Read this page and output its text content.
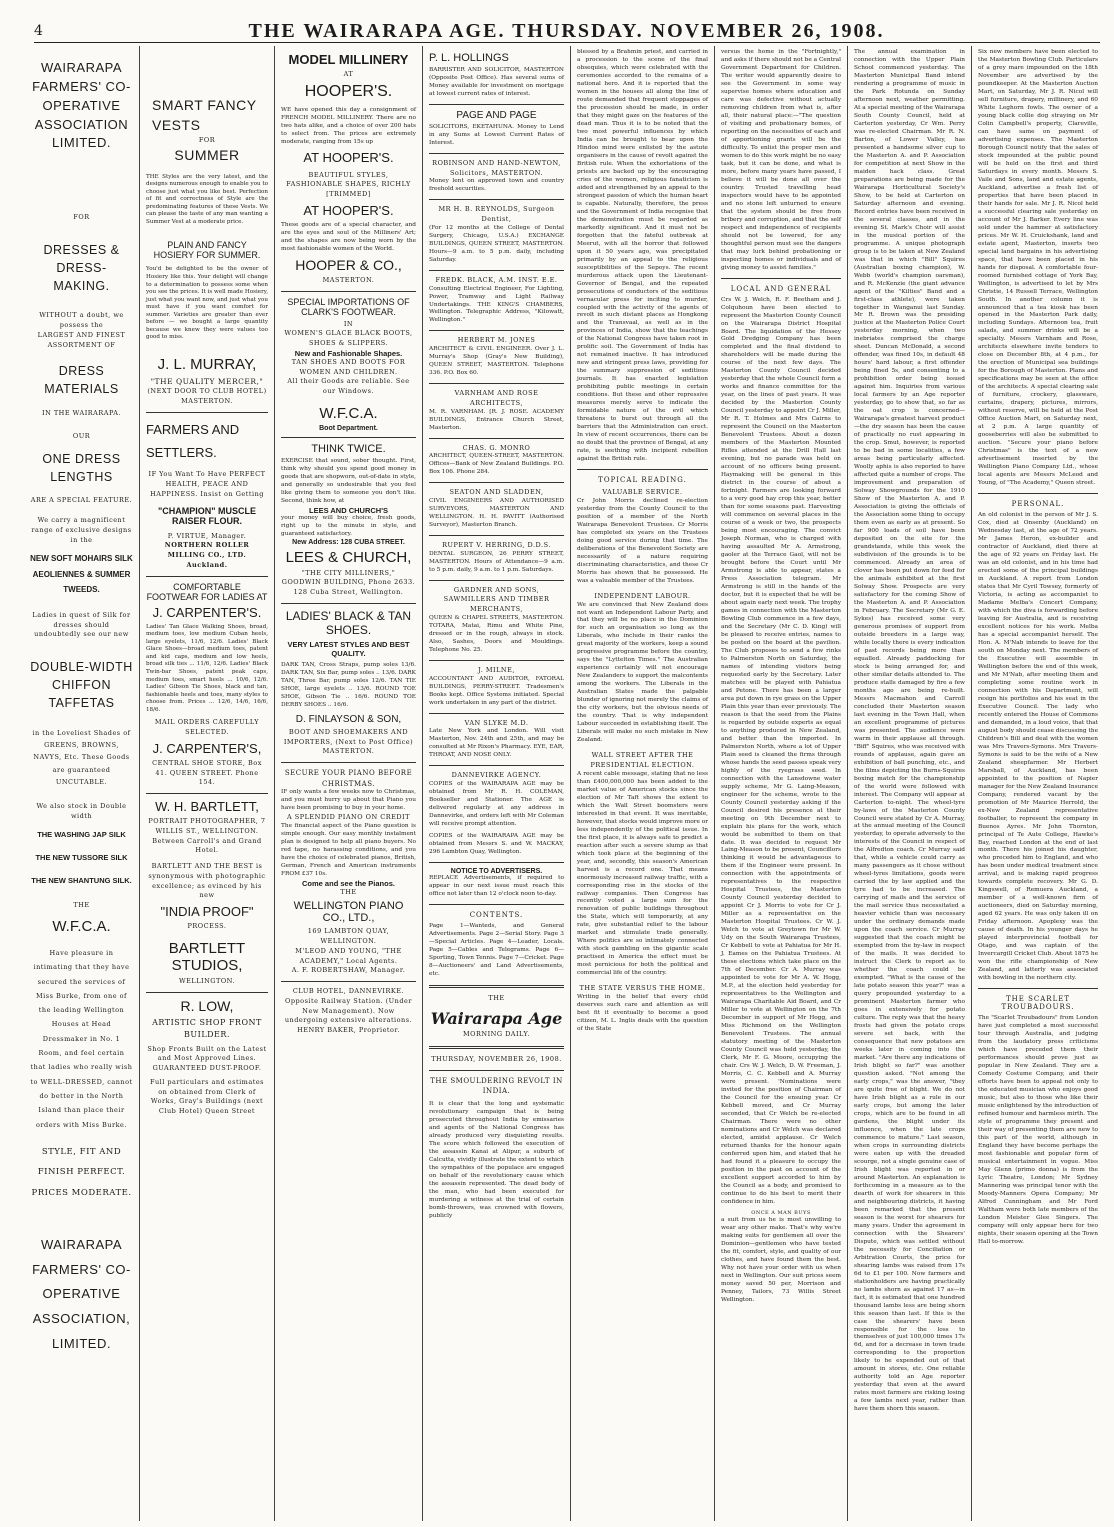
4	THE WAIRARAPA AGE. THURSDAY. NOVEMBER 26, 1908.
WAIRARAPA FARMERS' CO-OPERATIVE ASSOCIATION LIMITED.
FOR
DRESSES & DRESS-MAKING.
WITHOUT a doubt, we possess the
LARGEST AND FINEST ASSORTMENT OF
DRESS MATERIALS
IN THE WAIRARAPA.
OUR
ONE DRESS LENGTHS
ARE A SPECIAL FEATURE.
We carry a magnificent range of exclusive designs in the
NEW SOFT MOHAIRS SILK AEOLIENNES & SUMMER TWEEDS.
Ladies in quest of Silk for dresses should undoubtedly see our new
DOUBLE-WIDTH CHIFFON TAFFETAS
in the Loveliest Shades of GREENS, BROWNS, NAVYS, Etc. These Goods are guaranteed UNCUTABLE.
We also stock in Double width
THE WASHING JAP SILK
THE NEW TUSSORE SILK
THE NEW SHANTUNG SILK.
THE
W.F.C.A.
Have pleasure in intimating that they have secured the services of Miss Burke, from one of the leading Wellington Houses at Head Dressmaker in No. 1 Room, and feel certain that ladies who really wish to WELL-DRESSED, cannot do better in the North Island than place their orders with Miss Burke.
STYLE, FIT AND FINISH PERFECT. PRICES MODERATE.
WAIRARAPA FARMERS' CO-OPERATIVE ASSOCIATION, LIMITED.
SMART FANCY VESTS
FOR
SUMMER
THE Styles are the very latest, and the designs numerous enough to enable you to choose just what you like best. Perfection of fit and correctness of Style are the predominating features of these Vests. We can please the taste of any man wanting a Summer Vest at a moderate price.
PLAIN AND FANCY HOSIERY FOR SUMMER.
You'd be delighted to be the owner of Hosiery like this. Your delight will change to a determination to possess some when you see the prices. It is well made Hosiery, just what you want now, and just what you must have if you want comfort for summer. Varieties are greater than ever before — we bought a large quantity because we knew they were values too good to miss.
J. L. MURRAY,
"THE QUALITY MERCER,"
(NEXT DOOR TO CLUB HOTEL)
MASTERTON.
FARMERS AND SETTLERS.
IF You Want To Have PERFECT HEALTH, PEACE AND HAPPINESS. Insist on Getting
"CHAMPION" MUSCLE RAISER FLOUR.
P. VIRTUE, Manager.
NORTHERN ROLLER MILLING CO., LTD. Auckland.
COMFORTABLE FOOTWEAR FOR LADIES AT
J. CARPENTER'S.
Ladies' Tan Glace Walking Shoes, broad, medium toes, low medium Cuban heels, large eyelets, 11/6, 12/6. Ladies' Black Glace Shoes—broad medium toes, patent and kid caps, medium and low heels, broad silk ties ... 11/6, 12/6. Ladies' Black Twin-bar Shoes, patent peak caps, medium toes, smart heels ... 10/6, 12/6. Ladies' Gibson Tie Shoes, black and tan, fashionable heels and toes, many styles to choose from. Prices ... 12/6, 14/6, 16/6, 18/6.
MAIL ORDERS CAREFULLY SELECTED.
J. CARPENTER'S,
CENTRAL SHOE STORE, Box 41. QUEEN STREET. Phone 154.
W. H. BARTLETT,
PORTRAIT PHOTOGRAPHER, 7 WILLIS ST., WELLINGTON. Between Carroll's and Grand Hotel.
BARTLETT AND THE BEST is synonymous with photographic excellence; as evinced by his new
"INDIA PROOF"
PROCESS.
BARTLETT STUDIOS,
WELLINGTON.
R. LOW,
ARTISTIC SHOP FRONT BUILDER.
Shop Fronts Built on the Latest and Most Approved Lines. GUARANTEED DUST-PROOF.
Full particulars and estimates on obtained from Clerk of Works, Gray's Buildings (next Club Hotel) Queen Street
MODEL MILLINERY
AT
HOOPER'S.
WE have opened this day a consignment of FRENCH MODEL MILLINERY. There are no two hats alike, and a choice of over 200 hats to select from. The prices are extremely moderate, ranging from 15s up
AT HOOPER'S.
BEAUTIFUL STYLES, FASHIONABLE SHAPES, RICHLY [TRIMMED]
AT HOOPER'S.
These goods are of a special character, and are the eyes and soul of the Milliners' Art; and the shapes are now being worn by the most fashionable women of the World.
HOOPER & CO.,
MASTERTON.
SPECIAL IMPORTATIONS OF CLARK'S FOOTWEAR.
IN
WOMEN'S GLACE BLACK BOOTS, SHOES & SLIPPERS.
New and Fashionable Shapes.
TAN SHOES AND BOOTS FOR WOMEN AND CHILDREN.
All their Goods are reliable. See our Windows.
W.F.C.A.
Boot Department.
THINK TWICE.
EXERCISE that sound, sober thought. First, think why should you spend good money in goods that are shopworn, out-of-date in style, and generally so undesirable that you feel like giving them to someone you don't like. Second, think how, at
LEES AND CHURCH'S
your money will buy choice, fresh goods, right up to the minute in style, and guaranteed satisfactory.
New Address: 128 CUBA STREET.
LEES & CHURCH,
"THE CITY MILLINERS,"
GOODWIN BUILDING, Phone 2633. 128 Cuba Street, Wellington.
LADIES' BLACK & TAN SHOES.
VERY LATEST STYLES AND BEST QUALITY.
DARK TAN, Cross Straps, pump soles 13/6. DARK TAN, Six Bar, pump soles .. 13/6. DARK TAN, Three Bar, pump soles 12/6. TAN TIE SHOE, large eyelets .. 13/6. ROUND TOE SHOE, Gibson Tie .. 16/6. ROUND TOE DERBY SHOES .. 16/6.
D. FINLAYSON & SON,
BOOT AND SHOEMAKERS AND IMPORTERS, (Next to Post Office) MASTERTON.
SECURE YOUR PIANO BEFORE CHRISTMAS.
IF only wants a few weeks now to Christmas, and you must hurry up about that Piano you have been promising to buy in your home.
A SPLENDID PIANO ON CREDIT
The financial aspect of the Piano question is simple enough. Our easy monthly instalment plan is designed to help all piano buyers. No red tape, no harassing conditions, and you have the choice of celebrated pianos, British, German, French and American instruments FROM £37 10s.
Come and see the Pianos.
THE
WELLINGTON PIANO CO., LTD.,
169 LAMBTON QUAY, WELLINGTON.
M'LEOD AND YOUNG, "THE ACADEMY," Local Agents.
A. F. ROBERTSHAW, Manager.
CLUB HOTEL, DANNEVIRKE. Opposite Railway Station. (Under New Management). Now undergoing extensive alterations. HENRY BAKER, Proprietor.
P. L. HOLLINGS
BARRISTER AND SOLICITOR, MASTERTON (Opposite Post Office). Has several sums of Money available for investment on mortgage at lowest current rates of interest.
PAGE AND PAGE
SOLICITORS, EKETAHUNA. Money to Lend in any Sums at Lowest Current Rates of Interest.
ROBINSON AND HAND-NEWTON, Solicitors, MASTERTON.
Money lent on approved town and country freehold securities.
MR H. B. REYNOLDS, Surgeon Dentist,
(For 12 months at the College of Dental Surgery, Chicago, U.S.A.) EXCHANGE BUILDINGS, QUEEN STREET, MASTERTON. Hours—9 a.m. to 5 p.m. daily, including Saturday.
FREDK. BLACK, A.M. INST. E.E.
Consulting Electrical Engineer, For Lighting, Power, Tramway and Light Railway Undertakings. THE KING'S CHAMBERS, Wellington. Telegraphic Address, "Kilowatt, Wellington."
HERBERT M. JONES
ARCHITECT & CIVIL ENGINEER. Over J. L. Murray's Shop (Gray's New Building), QUEEN STREET, MASTERTON. Telephone 336. P.O. Box 60.
VARNHAM AND ROSE ARCHITECTS,
M. R. VARNHAM. [R. J. ROSE. ACADEMY BUILDINGS, Entrance Church Street, Masterton.
CHAS. G. MONRO
ARCHITECT, QUEEN-STREET, MASTERTON. Offices—Bank of New Zealand Buildings. P.O. Box 106. Phone 284.
SEATON AND SLADDEN,
CIVIL ENGINEERS AND AUTHORISED SURVEYORS, MASTERTON AND WELLINGTON. H. H. PAVITT (Authorised Surveyor), Masterton Branch.
RUPERT V. HERRING, D.D.S.
DENTAL SURGEON, 26 PERRY STREET, MASTERTON. Hours of Attendance—9 a.m. to 5 p.m. daily, 9 a.m. to 1 p.m. Saturdays.
GARDNER AND SONS, SAWMILLERS AND TIMBER MERCHANTS,
QUEEN & CHAPEL STREETS, MASTERTON. TOTARA, Matai, Rimu and White Pine, dressed or in the rough, always in stock. Also, Sashes, Doors and Mouldings. Telephone No. 25.
J. MILNE,
ACCOUNTANT AND AUDITOR, FATORAL BUILDINGS, PERRY-STREET. Tradesmen's Books kept. Office Systems initiated. Special work undertaken in any part of the district.
VAN SLYKE M.D.
Late New York and London. Will visit Masterton, Nov. 24th and 25th, and may be consulted at Mr Rixon's Pharmacy. EYE, EAR, THROAT, AND NOSE ONLY.
DANNEVIRKE AGENCY.
COPIES of the WAIRARAPA AGE may be obtained from Mr R. H. COLEMAN, Bookseller and Stationer. The AGE is delivered regularly at any address in Dannevirke, and orders left with Mr Coleman will receive prompt attention.
COPIES of the WAIRARAPA AGE may be obtained from Messrs S. and W. MACKAY, 296 Lambton Quay, Wellington.
NOTICE TO ADVERTISERS.
REPLACE Advertisements, if required to appear in our next issue must reach this office not later than 12 o'clock noon to-day.
CONTENTS.
Page 1—Wanteds, and General Advertisements. Page 2—Serial Story. Page 3—Special Articles. Page 4—Leader, Locals. Page 5—Cables and Telegrams. Page 6—Sporting, Town Tennis. Page 7—Cricket. Page 8—Auctioneers' and Land Advertisements, etc.
THE
Wairarapa Age
MORNING DAILY.
THURSDAY, NOVEMBER 26, 1908.
THE SMOULDERING REVOLT IN INDIA.
It is clear that the long and systematic revolutionary campaign that is being prosecuted throughout India by emissaries and agents of the National Congress has already produced very disquieting results. The score which followed the execution of the assassin Kanai at Alipur, a suburb of Calcutta, vividly illustrate the extent to which the sympathies of the populace are engaged on behalf of the revolutionary cause which the assassin represented. The dead body of the man, who had been executed for murdering a witness at the trial of certain bomb-throwers, was crowned with flowers, publicly
blessed by a Brahmin priest, and carried in a procession to the scene of the final obsequies, which were celebrated with the ceremonies accorded to the remains of a national hero. And it is reported that the women in the houses all along the line of route demanded that frequent stoppages of the procession should be made, in order that they might gaze on the features of the dead man. Thus it is to be noted that the two most powerful influences by which India can be brought to bear upon the Hindoo mind were enlisted by the astute organisers in the cause of revolt against the British rule. When the exhortations of the priests are backed up by the encouraging cries of the women, religious fanaticism is aided and strengthened by an appeal to the strongest passion of which the human heart is capable. Naturally, therefore, the press and the Government of India recognise that the demonstration must be regarded as markedly significant. And it must not be forgotten that the fateful outbreak at Meerut, with all the horror that followed upon it 50 years ago, was precipitated primarily by an appeal to the religious susceptibilities of the Sepoys. The recent murderous attack upon the Lieutenant-Governor of Bengal, and the repeated prosecutions of conductors of the seditious vernacular press for inciting to murder, coupled with the activity of the agents of revolt in such distant places as Hongkong and the Transvaal, as well as in the provinces of India, show that the teachings of the National Congress have taken root in prolific soil. The Government of India has not remained inactive. It has introduced new and stringent press laws, providing for the summary suppression of seditious journals. It has enacted legislation prohibiting public meetings in certain conditions. But these and other repressive measures merely serve to indicate the formidable nature of the evil which threatens to burst out through all the barriers that the Administration can erect. In view of recent occurrences, there can be no doubt that the province of Bengal, at any rate, is seething with incipient rebellion against the British rule.
TOPICAL READING.
VALUABLE SERVICE.
Cr John Morris declined re-election yesterday from the County Council to the position of a member of the North Wairarapa Benevolent Trustees. Cr Morris has completed six years on the Trustees doing good service during that time. The deliberations of the Benevolent Society are necessarily of a nature requiring discriminating characteristics, and these Cr Morris has shown that he possessed. He was a valuable member of the Trustees.
INDEPENDENT LABOUR.
We are convinced that New Zealand does not want an Independent Labour Party, and that they will be no place in the Dominion for such an organisation so long as the Liberals, who include in their ranks the great majority of the workers, keep a sound progressive programme before the country, says the "Lyttelton Times." The Australian experience certainly will not encourage New Zealanders to support the malcontents among the workers. The Liberals in the Australian States made the palpable blunder of ignoring not merely the claims of the city workers, but the obvious needs of the country. That is why independent Labour succeeded in establishing itself. The Liberals will make no such mistake in New Zealand.
WALL STREET AFTER THE PRESIDENTIAL ELECTION.
A recent cable message, stating that no less than £400,000,000 has been added to the market value of American stocks since the election of Mr Taft shows the extent to which the Wall Street boomsters were interested in that event. It was inevitable, however, that stocks would improve more or less independently of the political issue. In the first place, it is always safe to predict a reaction after such a severe slump as that which took place at the beginning of the year, and, secondly, this season's American harvest is a record one. That means enormously increased railway traffic, with a corresponding rise in the stocks of the railway companies. Then Congress has recently voted a large sum for the renovation of public buildings throughout the State, which will temporarily, at any rate, give substantial relief to the labour market and stimulate trade generally. Where politics are so intimately connected with stock gambling on the gigantic scale practised in America the effect must be most pernicious for both the political and commercial life of the country.
THE STATE VERSUS THE HOME.
Writing in the belief that every child deserves such care and attention as will best fit it eventually to become a good citizen, M. L. Inglis deals with the question of the State
versus the home in the "Fortnightly," and asks if there should not be a Central Government Department for Children. The writer would apparently desire to see the Government in some way supervise homes where education and care was defective without actually removing children from what is, after all, their natural place:—"The question of visiting and probationary homes, of reporting on the necessities of each and of apportioning grants will be the difficulty. To enlist the proper men and women to do this work might be no easy task, but it can be done, and what is more, before many years have passed, I believe it will be done all over the country. Trusted travelling head inspectors would have to be appointed and no stone left unturned to ensure that the system should be free from bribery and corruption, and that the self respect and independence of recipients should not be lowered, for any thoughtful person must see the dangers that may lurk behind probationing or inspecting homes or individuals and of giving money to assist families."
LOCAL AND GENERAL
Crs W. J. Welch, R. F. Beetham and J. Colquhoun have been elected to represent the Masterton County Council on the Wairarapa District Hospital Board. The liquidation of the Hessey Gold Dredging Company has been completed and the final dividend to shareholders will be made during the course of the next few days. The Masterton County Council decided yesterday that the whole Council form a works and finance committee for the year, on the lines of past years. It was decided by the Masterton County Council yesterday to appoint Cr J. Miller, Mr R. T. Holmes and Mrs Cairns to represent the Council on the Masterton Benevolent Trustees. About a dozen members of the Masterton Mounted Rifles attended at the Drill Hall last evening, but no parade was held on account of no officers being present. Haymaking will be general in this district in the course of about a fortnight. Farmers are looking forward to a very good hay crop this year, better than for some seasons past. Harvesting will commence on several places in the course of a week or two, the prospects being most encouraging. The convict Joseph Norman, who is charged with having assaulted Mr A. Armstrong, gaoler at the Terrace Gaol, will not be brought before the Court until Mr Armstrong is able to appear, states a Press Association telegram. Mr Armstrong is still in the hands of the doctor, but it is expected that he will be about again early next week. The trophy games in connection with the Masterton Bowling Club commence in a few days, and the Secretary (Mr C. D. King) will be pleased to receive entries, names to be posted on the board at the pavilion. The Club proposes to send a few rinks to Palmerston North on Saturday, the names of intending visitors being requested early by the Secretary. Later matches will be played with Pahiatua and Petone. There has been a larger area put down in rye grass on the Upper Plain this year than ever previously. The reason is that the seed from the Plains is regarded by outside experts as equal to anything produced in New Zealand, and better than the imported. In Palmerston North, where a lot of Upper Plain seed is cleaned the firms through whose hands the seed passes speak very highly of the ryegrass seed. In connection with the Lansdowne water supply scheme, Mr G. Laing-Meason, engineer for the scheme, wrote to the County Council yesterday asking if the Council desired his presence at their meeting on 9th December next to explain his plans for the work, which would be submitted to them on that date. It was decided to request Mr Laing-Meason to be present, Councillors thinking it would be advantageous to them if the Engineer were present. In connection with the appointments of representatives to the respective Hospital Trustees, the Masterton County Council yesterday decided to appoint Cr J. Morris to vote for Cr J. Miller as a representative on the Masterton Hospital Trustees. Cr W. J. Welch to vote at Greytown for Mr W. Udy on the South Wairarapa Trustees, Cr Kebbell to vote at Pahiatua for Mr H. J. Eames on the Pahiatua Trustees. At these elections which take place on the 7th of December. Cr A. Murray was appointed to vote for Mr A. W. Hogg, M.P., at the election held yesterday for representatives to the Wellington and Wairarapa Charitable Aid Board, and Cr Miller to vote at Wellington on the 7th December in support of Mr Hogg, and Miss Richmond on the Wellington Benevolent Trustees. The annual statutory meeting of the Masterton County Council was held yesterday, the Clerk, Mr F. G. Moore, occupying the chair. Crs W. J. Welch, D. W. Freeman, J. Morris, C. C. Kebbell and A. Murray were present. 'Nominations were invited for the position of Chairman of the Council for the ensuing year. Cr Kebbell moved, and Cr Murray seconded, that Cr Welch be re-elected Chairman. There were no other nominations and Cr Welch was declared elected, amidst applause. Cr Welch returned thanks for the honour again conferred upon him, and stated that he had found it a pleasure to occupy the position in the past on account of the excellent support accorded to him by the Council as a body, and promised to continue to do his best to merit their confidence in him.
ONCE A MAN BUYS
a suit from us he is most unwilling to wear any other make. That's why we're making suits for gentlemen all over the Dominion—gentlemen who have tested the fit, comfort, style, and quality of our clothes, and have found them the best. Why not have your order with us when next in Wellington. Our suit prices seem money saved 50 per, Morrison and Penney, Tailors, 73 Willis Street Wellington.
The annual examination in connection with the Upper Plain School commenced yesterday. The Masterton Municipal Band intend rendering a programme of music in the Park Rotunda on Sunday afternoon next, weather permitting. At a special meeting of the Wairarapa South County Council, held at Carterton yesterday, Cr Wm. Perry was re-elected Chairman. Mr R. N. Barton, of Lower Valley, has presented a handsome silver cup to the Masterton A. and P. Association for competition at next Show in the maiden hack class. Great preparations are being made for the Wairarapa Horticultural Society's Show, to be held at Carterton on Saturday afternoon and evening. Record entries have been received in the several classes, and in the evening St. Mark's Choir will assist in the musical portion of the programme. A unique photograph group is to be taken at New Zealand was that in which "Bill" Squires (Australian boxing champion), W. Webb (world's champion oarsman), and R. McKenzie (the giant advance agent of the "Kilties" Band and a first-class athlete), were taken together in Wanganui last Sunday. Mr R. Brown was the presiding justice at the Masterton Police Court yesterday morning, when two inebriates comprised the charge sheet. Duncan McDonald, a second offender, was fined 10s, in default 48 hours' hard labour, a first offender being fined 5s, and consenting to a prohibition order being issued against him. Inquiries from various local farmers by an Age reporter yesterday, go to show that, so far as the oat crop is concerned—Wairarapa's greatest harvest product—the dry season has been the cause of practically no rust appearing in the crop. Smut, however, is reported to be bad in some localities, a few areas being particularly affected. Woolly aphis is also reported to have affected quite a number of crops. The improvement and preparation of Solway Showgrounds for the 1910 Show of the Masterton A. and P. Association is giving the officials of the Association some thing to occupy them even as early as at present. So far 900 loads of soil have been deposited on the site for the grandstands, while this week the subdivision of the grounds is to be commenced. Already an area of clover has been put down for feed for the animals exhibited at the first Solway Show. Prospects are very satisfactory for the coming Show of the Masterton A. and P. Association in February. The Secretary (Mr G. E. Sykes) has received some very generous promises of support from outside breeders in a large way, while locally there is every indication of past records being more than equalled. Already paddocking for stock is being arranged for, and other similar details attended to. The produce stalls damaged by fire a few months ago are being re-built. Messrs Macmahon and Carroll concluded their Masterton season last evening in the Town Hall, when an excellent programme of pictures was presented. The audience were warm in their applause all through. "Biff" Squires, who was received with rounds of applause, again gave an exhibition of ball punching, etc., and the films depicting the Burns-Squires boxing match for the championship of the world were followed with interest. The Company will appear at Carterton to-night. The wheel-tyre by-laws of the Masterton County Council were stated by Cr A. Murray, at the annual meeting of the Council yesterday, to operate adversely to the interests of the Council in respect of the Alfredton coach. Cr Murray said that, while a vehicle could carry as many passengers as it chose without wheel-tyres limitations, goods were carried the by law applied and the tyre had to be increased. The carrying of mails and the service of the mail service thus necessitated a heavier vehicle than was necessary under the ordinary demands made upon the coach service. Cr Murray suggested that the coach might be exempted from the by-law in respect of the mails. It was decided to instruct the Clerk to report as to whether the coach could be exempted. "What is the cause of the late potato season this year?" was a query propounded yesterday to a prominent Masterton farmer who goes in extensively for potato culture. The reply was that the heavy frosts had given the potato crops severe set back, with the consequence that new potatoes are weeks later in coming into the market. "Are there any indications of Irish blight so far?" was another question asked. "Not among the early crops," was the answer, "they are quite free of blight. We do not have Irish blight as a rule in our early crops, but among the later crops, which are to be found in all gardens, the blight under its influence, when the late crops commence to mature." Last season, when crops in surrounding districts were eaten up with the dreaded scourge, not a single genuine case of Irish blight was reported in or around Masterton. An explanation is forthcoming in a measure as to the dearth of work for shearers in this and neighbouring districts, it having been remarked that the present season is the worst for shearers for many years. Under the agreement in connection with the Shearers' Dispute, which was settled without the necessity for Conciliation or Arbitration Courts, the price for shearing lambs was raised from 17s 6d to £1 per 100. Now farmers and stationholders are having practically no lambs shorn as against 17 as—in fact, it is estimated that one hundred thousand lambs less are being shorn this season than last. If this is the case the shearers' have been responsible for the loss to themselves of just 100,000 times 17s 6d, and for a decrease in town trade corresponding to the proportion likely to be expended out of that amount in stores, etc. One reliable authority told an Age reporter yesterday that even at the award rates most farmers are risking losing a few lambs next year, rather than have them shorn this season.
Six new members have been elected to the Masterton Bowling Club. Particulars of a grey mare impounded on the 18th November are advertised by the poundkeeper. At the Masterton Auction Mart, on Saturday, Mr J. R. Nicol will sell furniture, drapery, millinery, and 60 White Leghorn fowls. The owner of a young black collie dog straying on Mr Colin Campbell's property, Clareville, can have same on payment of advertising expenses. The Masterton Borough Council notify that the sales of stock impounded at the public pound will be held on the first and third Saturdays in every month. Messrs S. Vaile and Sons, land and estate agents, Auckland, advertise a fresh list of properties that have been placed in their hands for sale. Mr J. R. Nicol held a successful clearing sale yesterday on account of Mr J. Barker. Every line was sold under the hammer at satisfactory prices. Mr W. H. Cruickshank, land and estate agent, Masterton, inserts two special land bargains in his advertising space, that have been placed in his hands for disposal. A comfortable four-roomed furnished cottage of York Bay, Wellington, is advertised to let by Mrs Christie, 14 Russell Terrace, Wellington South. In another column it is announced that a tea kiosk has been opened in the Masterton Park daily, including Sundays. Afternoon tea, fruit salads, and summer drinks will be a specialty. Messrs Varnham and Rose, architects elsewhere invite tenders to close on December 8th, at 4 p.m., for the erection of Municipal sea buildings for the Borough of Masterton. Plans and specifications may be seen at the office of the architects. A special clearing sale of furniture, crockery, glassware, curtains, drapery, pictures, mirrors, without reserve, will be held at the Post Office Auction Mart, on Saturday next, at 2 p.m. A large quantity of gooseberries will also be submitted to auction. "Secure your piano before Christmas" is the text of a new advertisement inserted by the Wellington Piano Company Ltd., whose local agents are Messrs McLeod and Young, of "The Academy," Queen street.
PERSONAL.
An old colonist in the person of Mr J. S. Cox, died at Onsenby (Auckland) on Wednesday last, at the age of 72 years. Mr James Heron, ex-builder and contractor of Auckland, died there at the age of 92 years on Friday last. He was an old colonist, and in his time had erected some of the principal buildings in Auckland. A report from London states that Mr Cyril Towsey, formerly of Victoria, is acting as accompanist to Madame Melba's Concert Company, with which the diva is forwarding before leaving for Australia, and is receiving excellent notices for his work. Melba has a special accompanist herself. The Hon. A. M'Nab intends to leave for the south on Monday next. The members of the Executive will assemble in Wellington before the end of this week, and Mr M'Nab, after meeting them and completing some routine work in connection with his Department, will resign his portfolios and his seat in the Executive Council. The lady who recently entered the House of Commons and demanded, in a loud voice, that that august body should cease discussing the Children's Bill and deal with the women was Mrs Travers-Symons. Mrs Travers-Symons is said to be the wife of a New Zealand sheepfarmer. Mr Herbert Marshall, of Auckland, has been appointed to the position of Napier manager for the New Zealand Insurance Company, rendered vacant by the promotion of Mr Maurice Herrold, the ex-New Zealand representative footballer, to represent the company in Buenos Ayres. Mr John Thornton, principal of Te Aute College, Hawke's Bay, reached London at the end of last month. There his joined his daughter, who preceded him to England, and who has been under medical treatment since arrival, and is making rapid progress towards complete recovery. Mr G. D. Kingswell, of Remuera Auckland, a member of a well-known firm of auctioneers, died on Saturday morning, aged 62 years. He was only taken ill on Friday afternoon. Apoplexy was the cause of death. In his younger days he played interprovincial football for Otago, and was captain of the Invercargill Cricket Club. About 1875 he won the rifle championship of New Zealand, and latterly was associated with bowling in the northern city.
THE SCARLET TROUBADOURS.
The "Scarlet Troubadours" from London have just completed a most successful tour through Australia, and judging from the laudatory press criticisms which have preceded them their performances should prove just as popular in New Zealand. They are a Comedy Costume Company, and their efforts have been to appeal not only to the educated musician who enjoys good music, but also to those who like their music enlightened by the introduction of refined humour and harmless mirth. The style of programme they present and their way of presenting them are new to this part of the world, although in England they have become perhaps the most fashionable and popular form of musical entertainment in vogue. Miss May Glenn (primo donna) is from the Lyric Theatre, London; Mr Sydney Mannering was principal tenor with the Moody-Manners Opera Company; Mr Alfred Cunningham and Mr Ford Waltham were both late members of the London Meister Glee Singers. The company will only appear here for two nights, their season opening at the Town Hall to-morrow.
